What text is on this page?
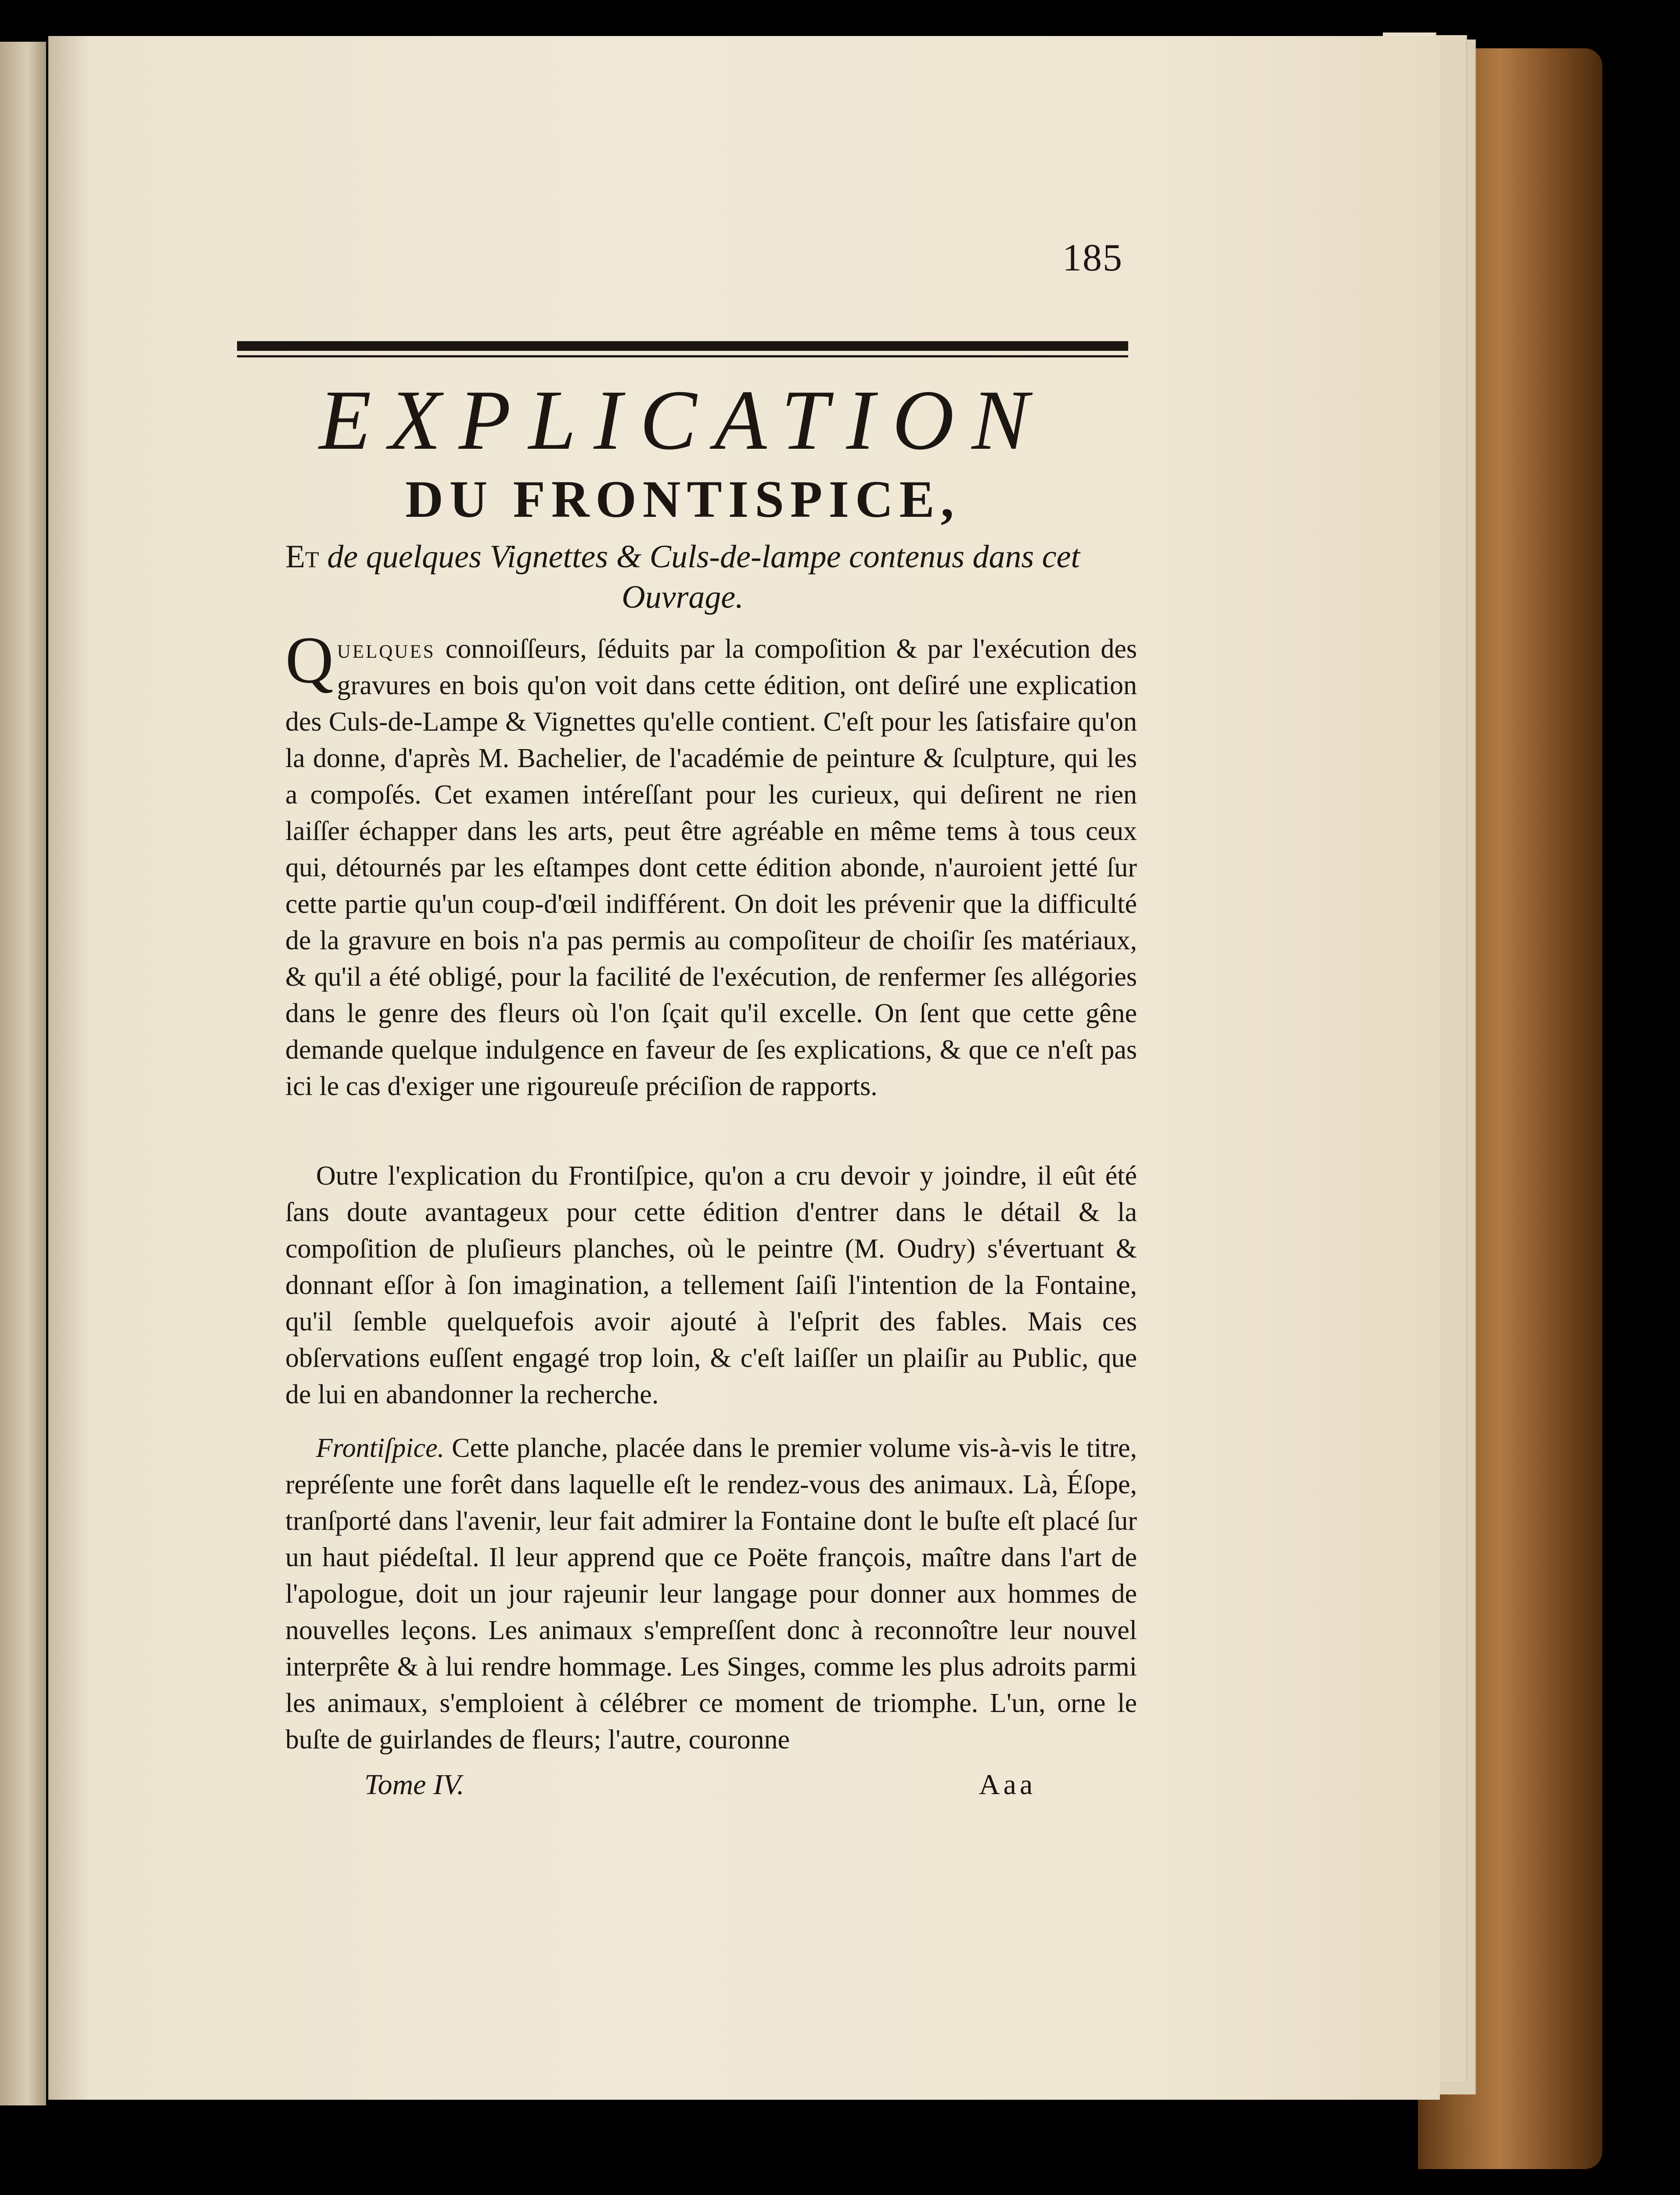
185
EXPLICATION
DU FRONTISPICE,

Et de quelques Vignettes & Culs-de-lampe contenus dans cet Ouvrage.

Quelques connoiſſeurs, ſéduits par la compoſition & par l'exécution des gravures en bois qu'on voit dans cette édition, ont deſiré une explication des Culs-de-Lampe & Vignettes qu'elle contient. C'eſt pour les ſatisfaire qu'on la donne, d'après M. Bachelier, de l'académie de peinture & ſculpture, qui les a compoſés. Cet examen intéreſſant pour les curieux, qui deſirent ne rien laiſſer échapper dans les arts, peut être agréable en même tems à tous ceux qui, détournés par les eſtampes dont cette édition abonde, n'auroient jetté ſur cette partie qu'un coup-d'œil indifférent. On doit les prévenir que la difficulté de la gravure en bois n'a pas permis au compoſiteur de choiſir ſes matériaux, & qu'il a été obligé, pour la facilité de l'exécution, de renfermer ſes allégories dans le genre des fleurs où l'on ſçait qu'il excelle. On ſent que cette gêne demande quelque indulgence en faveur de ſes explications, & que ce n'eſt pas ici le cas d'exiger une rigoureuſe préciſion de rapports.

Outre l'explication du Frontiſpice, qu'on a cru devoir y joindre, il eût été ſans doute avantageux pour cette édition d'entrer dans le détail & la compoſition de pluſieurs planches, où le peintre (M. Oudry) s'évertuant & donnant eſſor à ſon imagination, a tellement ſaiſi l'intention de la Fontaine, qu'il ſemble quelquefois avoir ajouté à l'eſprit des fables. Mais ces obſervations euſſent engagé trop loin, & c'eſt laiſſer un plaiſir au Public, que de lui en abandonner la recherche.

Frontiſpice. Cette planche, placée dans le premier volume vis-à-vis le titre, repréſente une forêt dans laquelle eſt le rendez-vous des animaux. Là, Éſope, tranſporté dans l'avenir, leur fait admirer la Fontaine dont le buſte eſt placé ſur un haut piédeſtal. Il leur apprend que ce Poëte françois, maître dans l'art de l'apologue, doit un jour rajeunir leur langage pour donner aux hommes de nouvelles leçons. Les animaux s'empreſſent donc à reconnoître leur nouvel interprête & à lui rendre hommage. Les Singes, comme les plus adroits parmi les animaux, s'emploient à célébrer ce moment de triomphe. L'un, orne le buſte de guirlandes de fleurs; l'autre, couronne

Tome IV.	Aaa
